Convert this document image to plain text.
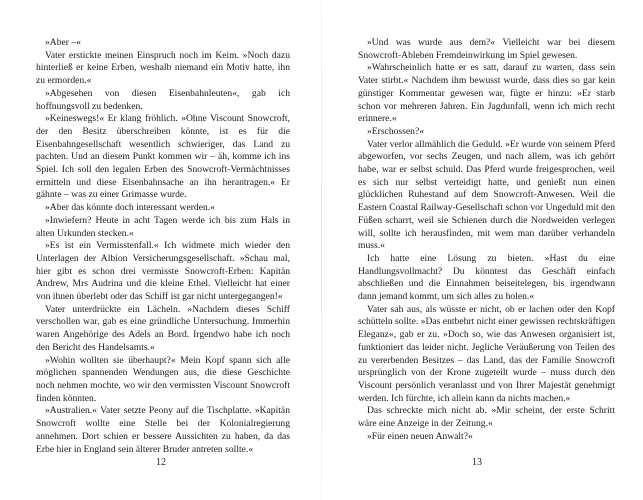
»Aber –«

Vater erstickte meinen Einspruch noch im Keim. »Noch dazu hinterließ er keine Erben, weshalb niemand ein Motiv hatte, ihn zu ermorden.«

»Abgesehen von diesen Eisenbahnleuten«, gab ich hoffnungsvoll zu bedenken.

»Keineswegs!« Er klang fröhlich. »Ohne Viscount Snowcroft, der den Besitz überschreiben könnte, ist es für die Eisenbahngesellschaft wesentlich schwieriger, das Land zu pachten. Und an diesem Punkt kommen wir – äh, komme ich ins Spiel. Ich soll den legalen Erben des Snowcroft-Vermächtnisses ermitteln und diese Eisenbahnsache an ihn herantragen.« Er gähnte – was zu einer Grimasse wurde.

»Aber das könnte doch interessant werden.«

»Inwiefern? Heute in acht Tagen werde ich bis zum Hals in alten Urkunden stecken.«

»Es ist ein Vermisstenfall.« Ich widmete mich wieder den Unterlagen der Albion Versicherungsgesellschaft. »Schau mal, hier gibt es schon drei vermisste Snowcroft-Erben: Kapitän Andrew, Mrs Audrina und die kleine Ethel. Vielleicht hat einer von ihnen überlebt oder das Schiff ist gar nicht untergegangen!«

Vater unterdrückte ein Lächeln. »Nachdem dieses Schiff verschollen war, gab es eine gründliche Untersuchung. Immerhin waren Angehörige des Adels an Bord. Irgendwo habe ich noch den Bericht des Handelsamts.«

»Wohin wollten sie überhaupt?« Mein Kopf spann sich alle möglichen spannenden Wendungen aus, die diese Geschichte noch nehmen mochte, wo wir den vermissten Viscount Snowcroft finden könnten.

»Australien.« Vater setzte Peony auf die Tischplatte. »Kapitän Snowcroft wollte eine Stelle bei der Kolonialregierung annehmen. Dort schien er bessere Aussichten zu haben, da das Erbe hier in England sein älterer Bruder antreten sollte.«

12

»Und was wurde aus dem?« Vielleicht war bei diesem Snowcroft-Ableben Fremdeinwirkung im Spiel gewesen.

»Wahrscheinlich hatte er es satt, darauf zu warten, dass sein Vater stirbt.« Nachdem ihm bewusst wurde, dass dies so gar kein günstiger Kommentar gewesen war, fügte er hinzu: »Er starb schon vor mehreren Jahren. Ein Jagdunfall, wenn ich mich recht erinnere.«

»Erschossen?«

Vater verlor allmählich die Geduld. »Er wurde von seinem Pferd abgeworfen, vor sechs Zeugen, und nach allem, was ich gehört habe, war er selbst schuld. Das Pferd wurde freigesprochen, weil es sich nur selbst verteidigt hatte, und genießt nun einen glücklichen Ruhestand auf dem Snowcroft-Anwesen. Weil die Eastern Coastal Railway-Gesellschaft schon vor Ungeduld mit den Füßen scharrt, weil sie Schienen durch die Nordweiden verlegen will, sollte ich herausfinden, mit wem man darüber verhandeln muss.«

Ich hatte eine Lösung zu bieten. »Hast du eine Handlungsvollmacht? Du könntest das Geschäft einfach abschließen und die Einnahmen beiseitelegen, bis irgendwann dann jemand kommt, um sich alles zu holen.«

Vater sah aus, als wüsste er nicht, ob er lachen oder den Kopf schütteln sollte. »Das entbehrt nicht einer gewissen rechtskräftigen Eleganz«, gab er zu. »Doch so, wie das Anwesen organisiert ist, funktioniert das leider nicht. Jegliche Veräußerung von Teilen des zu vererbenden Besitzes – das Land, das der Familie Snowcroft ursprünglich von der Krone zugeteilt wurde – muss durch den Viscount persönlich veranlasst und von Ihrer Majestät genehmigt werden. Ich fürchte, ich allein kann da nichts machen.«

Das schreckte mich nicht ab. »Mir scheint, der erste Schritt wäre eine Anzeige in der Zeitung.«

»Für einen neuen Anwalt?«

13
